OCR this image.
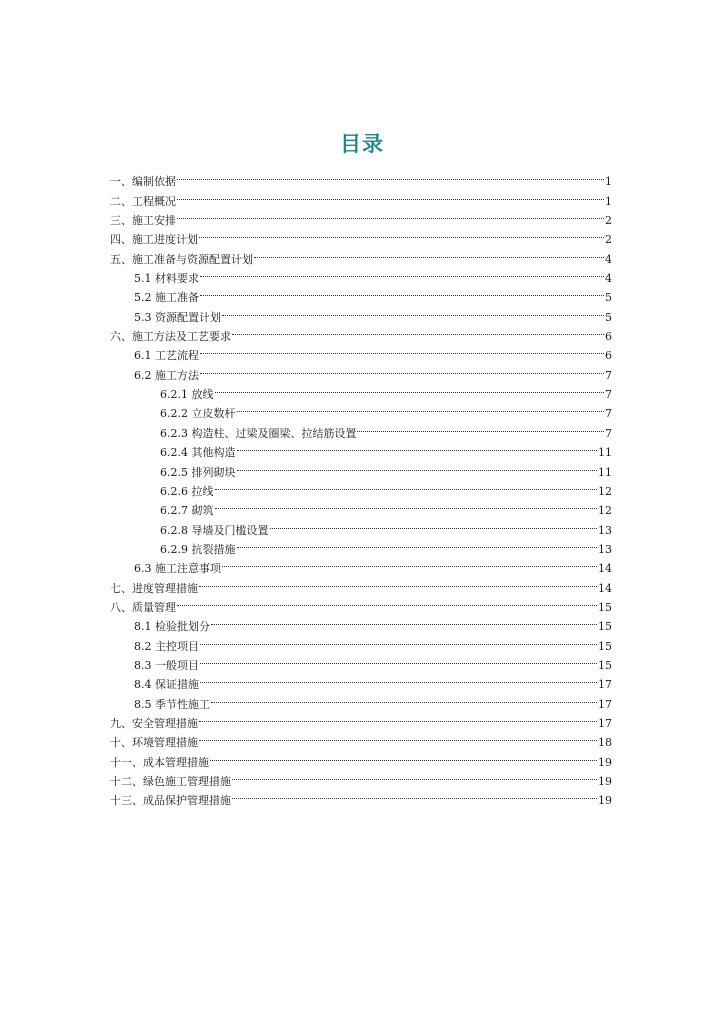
目录
一、编制依据	1
二、工程概况	1
三、施工安排	2
四、施工进度计划	2
五、施工准备与资源配置计划	4
5.1 材料要求	4
5.2 施工准备	5
5.3 资源配置计划	5
六、施工方法及工艺要求	6
6.1 工艺流程	6
6.2 施工方法	7
6.2.1 放线	7
6.2.2 立皮数杆	7
6.2.3 构造柱、过梁及圈梁、拉结筋设置	7
6.2.4 其他构造	11
6.2.5 排列砌块	11
6.2.6 拉线	12
6.2.7 砌筑	12
6.2.8 导墙及门槛设置	13
6.2.9 抗裂措施	13
6.3 施工注意事项	14
七、进度管理措施	14
八、质量管理	15
8.1 检验批划分	15
8.2 主控项目	15
8.3 一般项目	15
8.4 保证措施	17
8.5 季节性施工	17
九、安全管理措施	17
十、环境管理措施	18
十一、成本管理措施	19
十二、绿色施工管理措施	19
十三、成品保护管理措施	19
